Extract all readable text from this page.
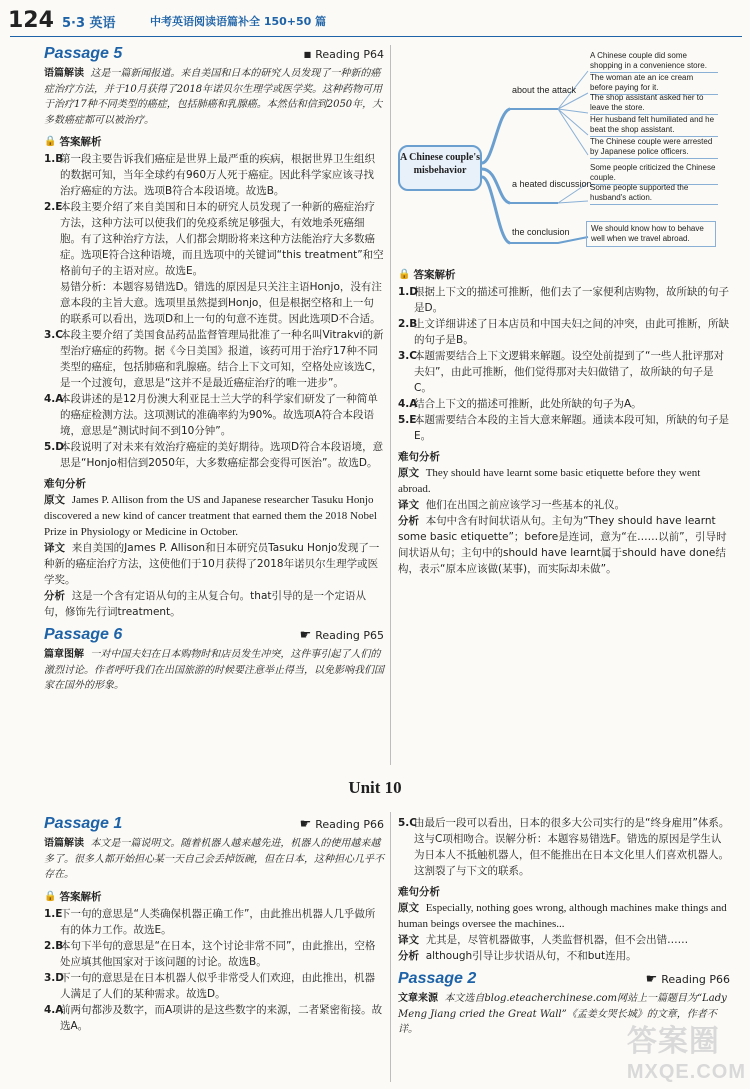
124 5·3 英语	中考英语阅读语篇补全 150+50 篇
Passage 5	■ Reading P64

语篇解读 这是一篇新闻报道。来自美国和日本的研究人员发现了一种新的癌症治疗方法，并于10月获得了2018年诺贝尔生理学或医学奖。这种药物可用于治疗17种不同类型的癌症，包括肺癌和乳腺癌。本然估和信到2050年，大多数癌症都可以被治疗。

🔒 答案解析
1.B
第一段主要告诉我们癌症是世界上最严重的疾病，根据世界卫生组织的数据可知，当年全球约有960万人死于癌症。因此科学家应该寻找治疗癌症的方法。选项B符合本段语境。故选B。
2.E
本段主要介绍了来自美国和日本的研究人员发现了一种新的癌症治疗方法，这种方法可以使我们的免疫系统足够强大，有效地杀死癌细胞。有了这种治疗方法，人们都会期盼将来这种方法能治疗大多数癌症。选项E符合这种语境，而且选项中的关键词“this treatment”和空格前句子的主语对应。故选E。
易错分析：本题容易错选D。错选的原因是只关注主语Honjo，没有注意本段的主旨大意。选项里虽然提到Honjo，但是根据空格和上一句的联系可以看出，选项D和上一句的句意不连贯。因此选项D不合适。
3.C
本段主要介绍了美国食品药品监督管理局批准了一种名叫Vitrakvi的新型治疗癌症的药物。据《今日美国》报道，该药可用于治疗17种不同类型的癌症，包括肺癌和乳腺癌。结合上下文可知，空格处应该选C，是一个过渡句，意思是“这并不是最近癌症治疗的唯一进步”。
4.A
本段讲述的是12月份澳大利亚昆士兰大学的科学家们研发了一种简单的癌症检测方法。这项测试的准确率約为90%。故选项A符合本段语境，意思是“测试时间不到10分钟”。
5.D
本段说明了对未来有效治疗癌症的美好期待。选项D符合本段语境，意思是“Honjo相信到2050年，大多数癌症都会变得可医治”。故选D。
难句分析

原文 James P. Allison from the US and Japanese researcher Tasuku Honjo discovered a new kind of cancer treatment that earned them the 2018 Nobel Prize in Physiology or Medicine in October.

译文 来自美国的James P. Allison和日本研究员Tasuku Honjo发现了一种新的癌症治疗方法，这使他们于10月获得了2018年诺贝尔生理学或医学奖。

分析 这是一个含有定语从句的主从复合句。that引导的是一个定语从句，修饰先行词treatment。

Passage 6	☛ Reading P65

篇章图解 一对中国夫妇在日本购物时和店员发生冲突，这件事引起了人们的激烈讨论。作者呼吁我们在出国旅游的时候要注意举止得当，以免影响我们国家在国外的形象。

A Chinese couple's misbehavior
about the attack
a heated discussion
the conclusion
A Chinese couple did some shopping in a convenience store.
The woman ate an ice cream before paying for it.
The shop assistant asked her to leave the store.
Her husband felt humiliated and he beat the shop assistant.
The Chinese couple were arrested by Japanese police officers.
Some people criticized the Chinese couple.
Some people supported the husband's action.
We should know how to behave well when we travel abroad.
🔒 答案解析
1.D
根据上下文的描述可推断，他们去了一家便利店购物，故所缺的句子是D。
2.B
上文详细讲述了日本店员和中国夫妇之间的冲突，由此可推断，所缺的句子是B。
3.C
本题需要结合上下文逻辑来解题。设空处前提到了“一些人批评那对夫妇”，由此可推断，他们觉得那对夫妇做错了，故所缺的句子是C。
4.A
结合上下文的描述可推断，此处所缺的句子为A。
5.E
本题需要结合本段的主旨大意来解题。通读本段可知，所缺的句子是E。
难句分析

原文 They should have learnt some basic etiquette before they went abroad.

译文 他们在出国之前应该学习一些基本的礼仪。

分析 本句中含有时间状语从句。主句为“They should have learnt some basic etiquette”；before是连词，意为“在……以前”，引导时间状语从句；主句中的should have learnt属于should have done结构，表示“原本应该做(某事)，而实际却未做”。

Unit 10
Passage 1	☛ Reading P66

语篇解读 本文是一篇说明文。随着机器人越来越先进，机器人的使用越来越多了。很多人都开始担心某一天自己会丢掉饭碗，但在日本，这种担心几乎不存在。

🔒 答案解析
1.E
下一句的意思是“人类确保机器正确工作”，由此推出机器人几乎做所有的体力工作。故选E。
2.B
本句下半句的意思是“在日本，这个讨论非常不同”，由此推出，空格处应填其他国家对于该问题的讨论。故选B。
3.D
下一句的意思是在日本机器人似乎非常受人们欢迎，由此推出，机器人满足了人们的某种需求。故选D。
4.A
前两句都涉及数字，而A项讲的是这些数字的来源，二者紧密衔接。故选A。
5.C
由最后一段可以看出，日本的很多大公司实行的是“终身雇用”体系。这与C项相吻合。误解分析：本题容易错选F。错选的原因是学生认为日本人不抵触机器人，但不能推出在日本文化里人们喜欢机器人。这割裂了与下文的联系。
难句分析

原文 Especially, nothing goes wrong, although machines make things and human beings oversee the machines...

译文 尤其是，尽管机器做事，人类监督机器，但不会出错……

分析 although引导让步状语从句，不和but连用。

Passage 2	☛ Reading P66

文章来源 本文选自blog.eteacherchinese.com网站上一篇题目为“Lady Meng Jiang cried the Great Wall”《孟姜女哭长城》的文章，作者不详。	答案圈
MXQE.COM
